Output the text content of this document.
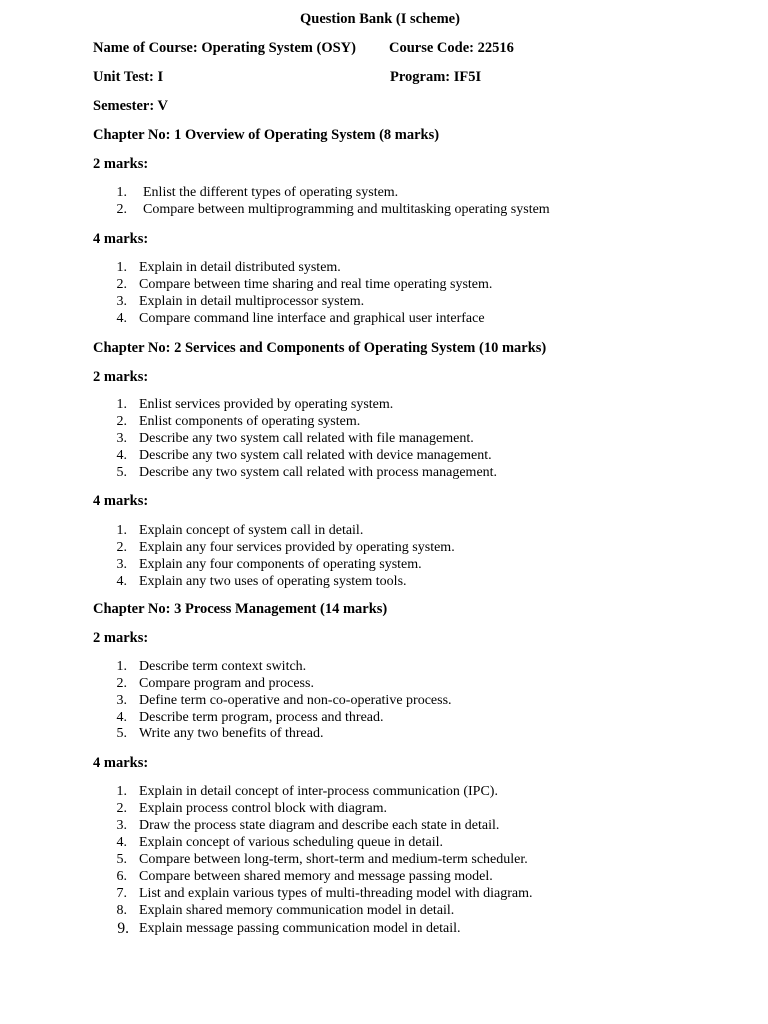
Question Bank (I scheme)
Name of Course: Operating System (OSY) Course Code: 22516
Unit Test: I	Program: IF5I
Semester: V
Chapter No: 1 Overview of Operating System (8 marks)
2 marks:
1. Enlist the different types of operating system.
2. Compare between multiprogramming and multitasking operating system
4 marks:
1. Explain in detail distributed system.
2. Compare between time sharing and real time operating system.
3. Explain in detail multiprocessor system.
4. Compare command line interface and graphical user interface
Chapter No: 2 Services and Components of Operating System (10 marks)
2 marks:
1. Enlist services provided by operating system.
2. Enlist components of operating system.
3. Describe any two system call related with file management.
4. Describe any two system call related with device management.
5. Describe any two system call related with process management.
4 marks:
1. Explain concept of system call in detail.
2. Explain any four services provided by operating system.
3. Explain any four components of operating system.
4. Explain any two uses of operating system tools.
Chapter No: 3 Process Management (14 marks)
2 marks:
1. Describe term context switch.
2. Compare program and process.
3. Define term co-operative and non-co-operative process.
4. Describe term program, process and thread.
5. Write any two benefits of thread.
4 marks:
1. Explain in detail concept of inter-process communication (IPC).
2. Explain process control block with diagram.
3. Draw the process state diagram and describe each state in detail.
4. Explain concept of various scheduling queue in detail.
5. Compare between long-term, short-term and medium-term scheduler.
6. Compare between shared memory and message passing model.
7. List and explain various types of multi-threading model with diagram.
8. Explain shared memory communication model in detail.
9. Explain message passing communication model in detail.
